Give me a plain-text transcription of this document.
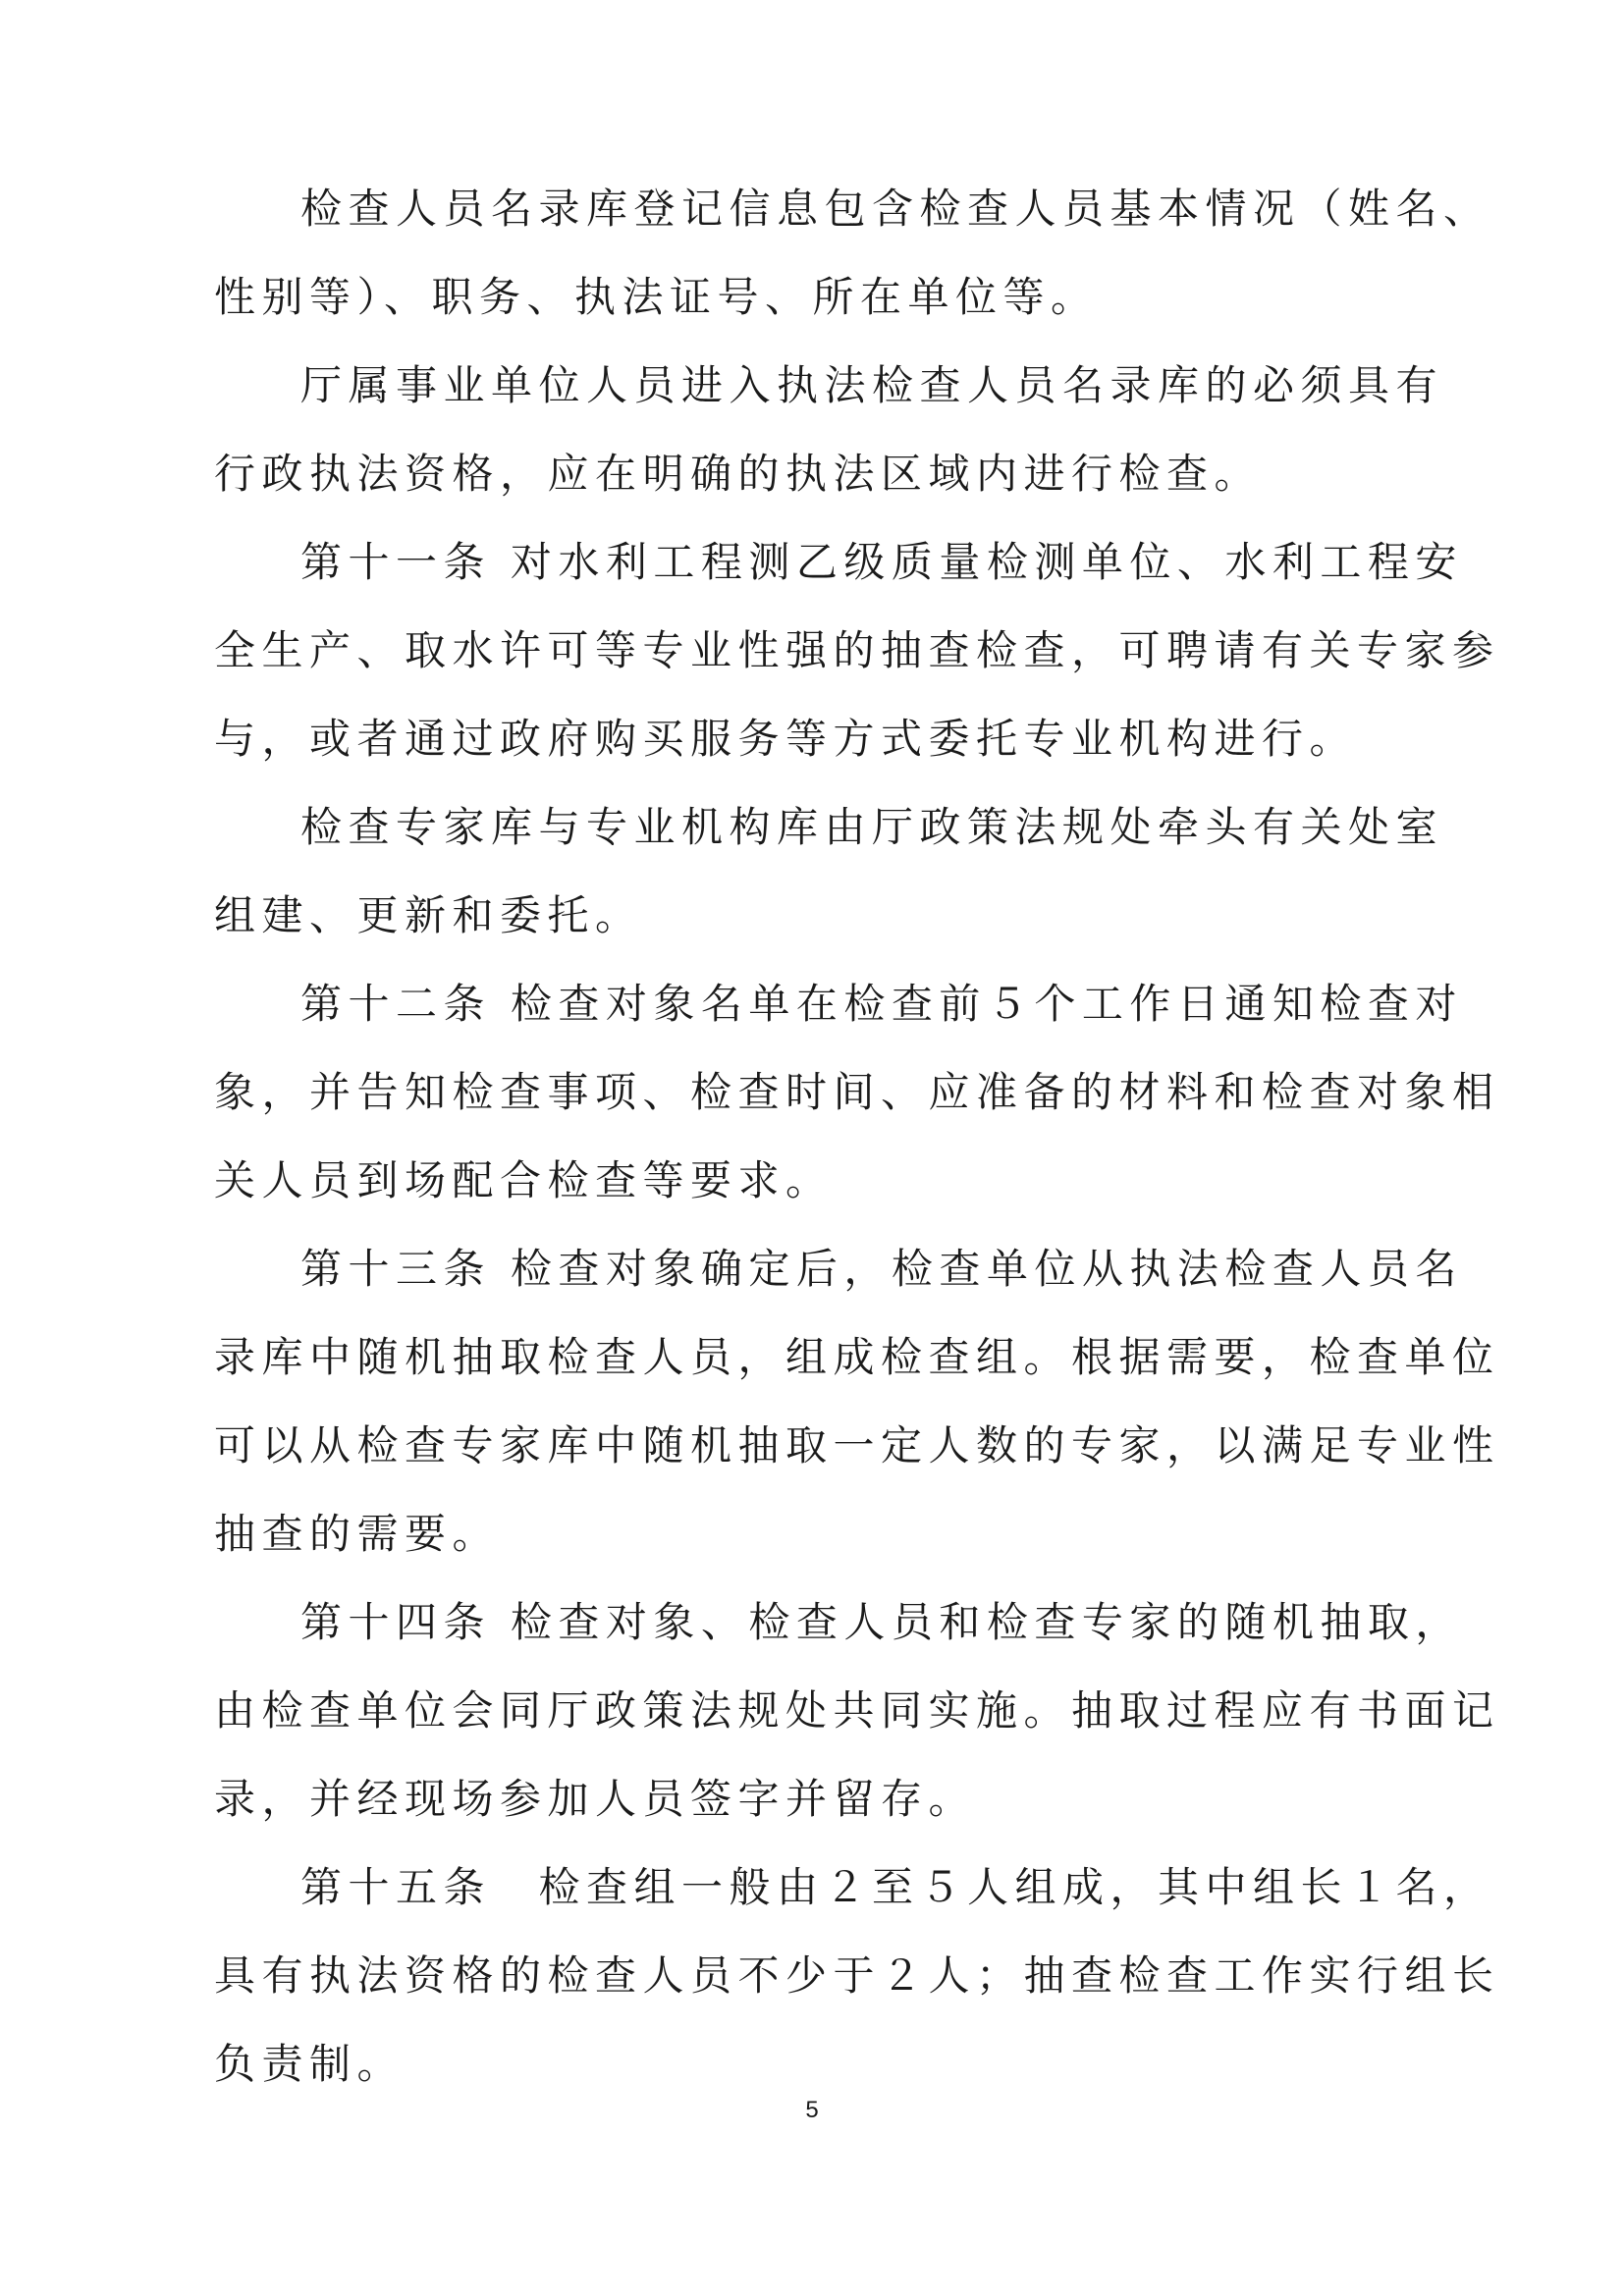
检查人员名录库登记信息包含检查人员基本情况（姓名、
性别等）、职务、执法证号、所在单位等。
厅属事业单位人员进入执法检查人员名录库的必须具有
行政执法资格，应在明确的执法区域内进行检查。
第十一条 对水利工程测乙级质量检测单位、水利工程安
全生产、取水许可等专业性强的抽查检查，可聘请有关专家参
与，或者通过政府购买服务等方式委托专业机构进行。
检查专家库与专业机构库由厅政策法规处牵头有关处室
组建、更新和委托。
第十二条 检查对象名单在检查前５个工作日通知检查对
象，并告知检查事项、检查时间、应准备的材料和检查对象相
关人员到场配合检查等要求。
第十三条 检查对象确定后，检查单位从执法检查人员名
录库中随机抽取检查人员，组成检查组。根据需要，检查单位
可以从检查专家库中随机抽取一定人数的专家，以满足专业性
抽查的需要。
第十四条 检查对象、检查人员和检查专家的随机抽取，
由检查单位会同厅政策法规处共同实施。抽取过程应有书面记
录，并经现场参加人员签字并留存。
第十五条　检查组一般由２至５人组成，其中组长１名，
具有执法资格的检查人员不少于２人；抽查检查工作实行组长
负责制。
5
